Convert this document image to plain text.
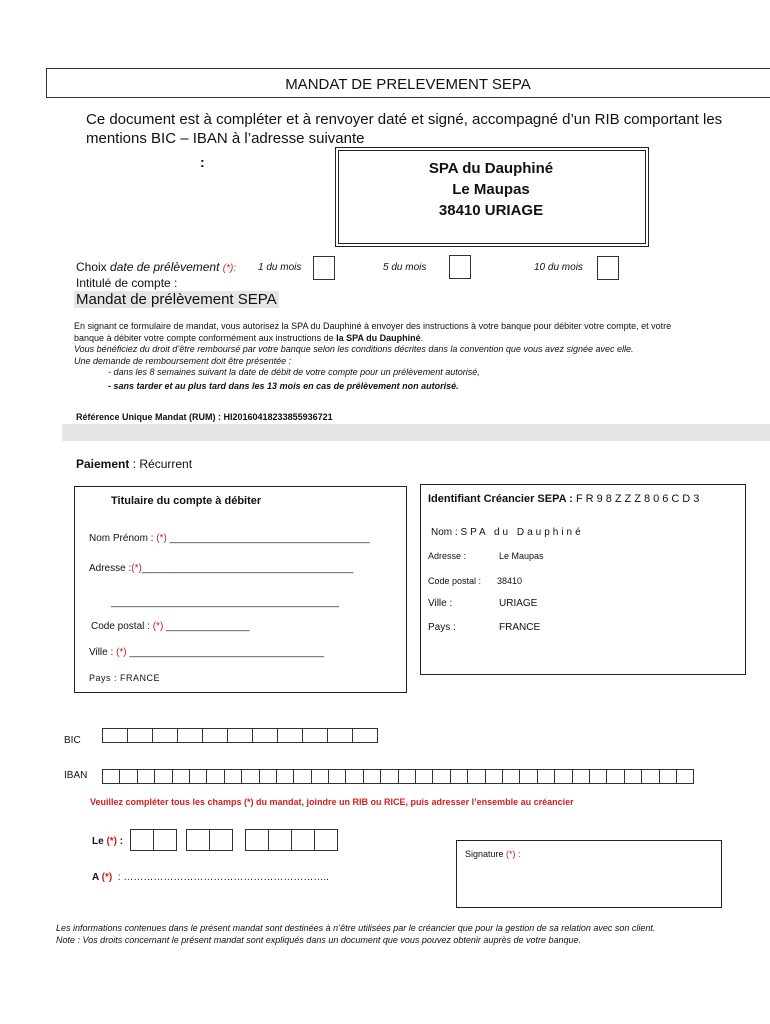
MANDAT DE PRELEVEMENT SEPA
Ce document est à compléter et à renvoyer daté et signé, accompagné d’un RIB comportant les mentions BIC – IBAN à l’adresse suivante
:	SPA du Dauphiné
Le Maupas
38410 URIAGE
Choix date de prélèvement (*): 1 du mois	5 du mois	10 du mois
Intitulé de compte :
Mandat de prélèvement SEPA
En signant ce formulaire de mandat, vous autorisez la SPA du Dauphiné à envoyer des instructions à votre banque pour débiter votre compte, et votre banque à débiter votre compte conformément aux instructions de la SPA du Dauphiné.
Vous bénéficiez du droit d’être remboursé par votre banque selon les conditions décrites dans la convention que vous avez signée avec elle.
Une demande de remboursement doit être présentée :
- dans les 8 semaines suivant la date de débit de votre compte pour un prélèvement autorisé,
- sans tarder et au plus tard dans les 13 mois en cas de prélèvement non autorisé.
Référence Unique Mandat (RUM) : HI20160418233855936721
Paiement : Récurrent
Titulaire du compte à débiter
Nom Prénom : (*) ____________________________________
Adresse :(*)______________________________________
_________________________________________
Code postal : (*) _______________
Ville : (*) ___________________________________
Pays : FRANCE
Identifiant Créancier SEPA : FR98ZZZ806CD3
Nom : SPA du Dauphiné
Adresse :	Le Maupas
Code postal : 38410
Ville :	URIAGE
Pays :	FRANCE
BIC
IBAN
Veuillez compléter tous les champs (*) du mandat, joindre un RIB ou RICE, puis adresser l’ensemble au créancier
Le (*) :
A (*) : ……………………………………………………..
Signature (*) :
Les informations contenues dans le présent mandat sont destinées à n’être utilisées par le créancier que pour la gestion de sa relation avec son client.
Note : Vos droits concernant le présent mandat sont expliqués dans un document que vous pouvez obtenir auprès de votre banque.
